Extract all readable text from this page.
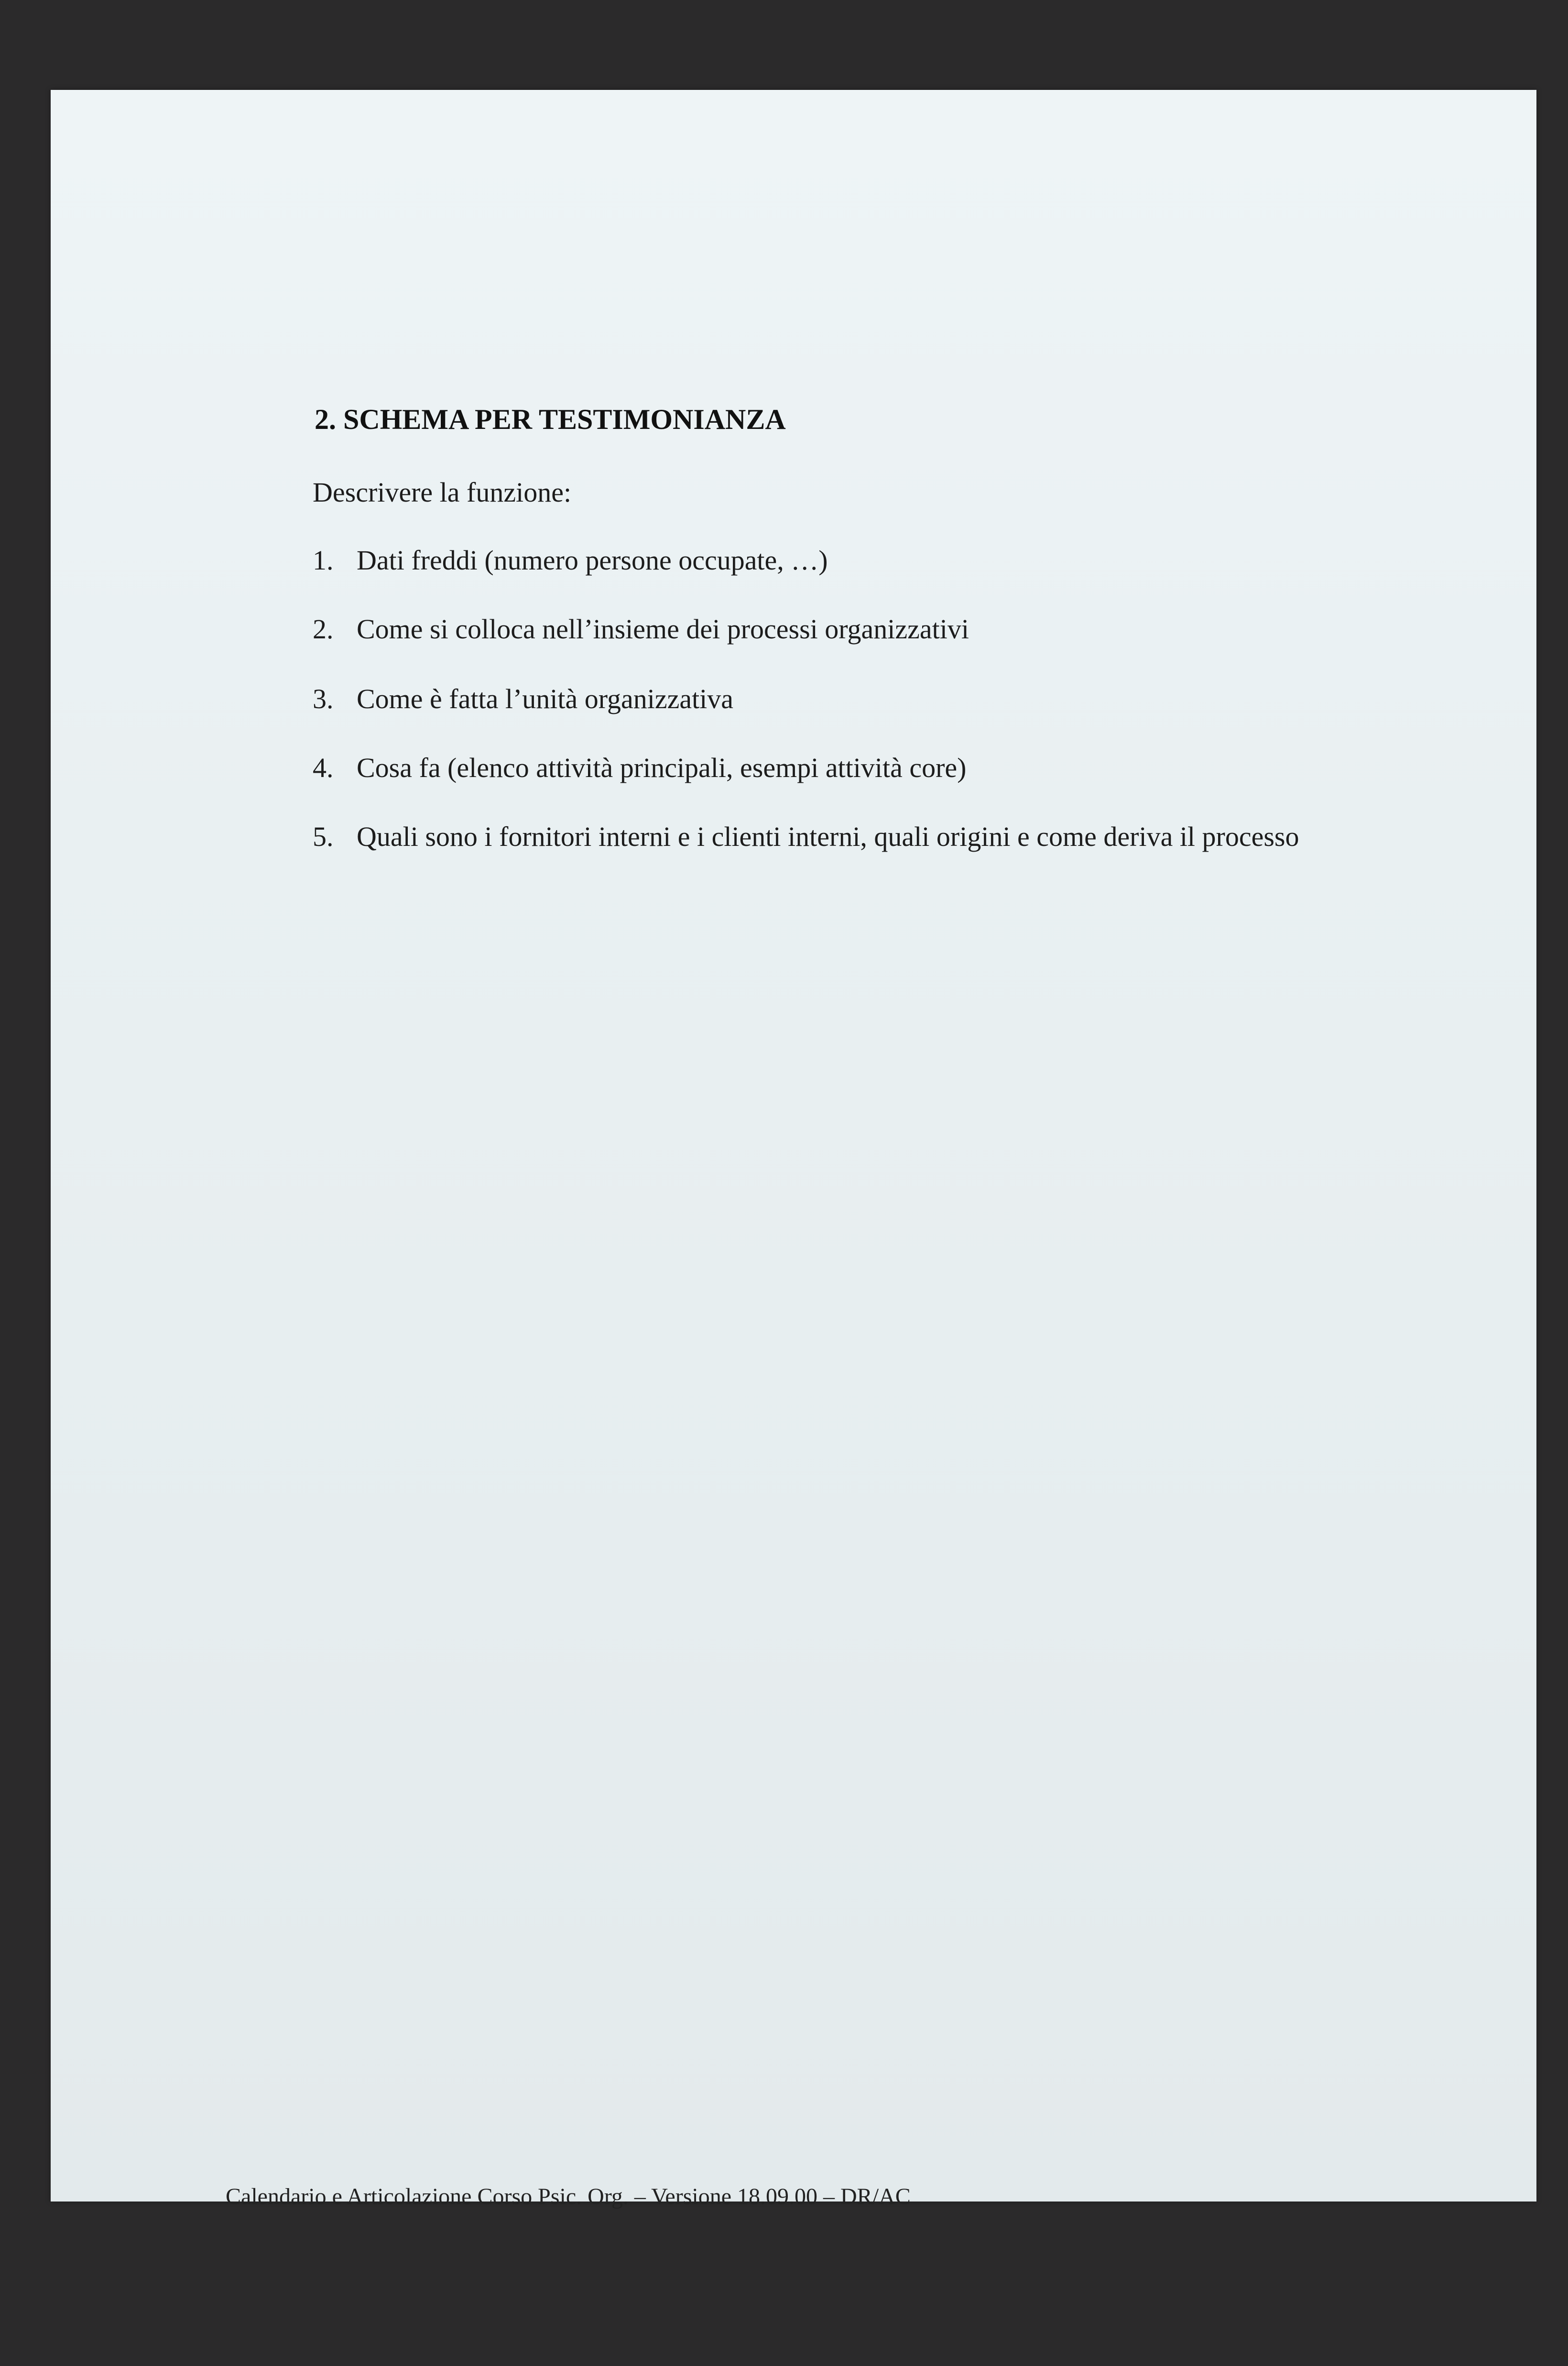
2. SCHEMA PER TESTIMONIANZA
Descrivere la funzione:
1. Dati freddi (numero persone occupate, …)
2. Come si colloca nell’insieme dei processi organizzativi
3. Come è fatta l’unità organizzativa
4. Cosa fa (elenco attività principali, esempi attività core)
5. Quali sono i fornitori interni e i clienti interni, quali origini e come deriva il processo
Calendario e Articolazione Corso Psic. Org. – Versione 18.09.00 – DR/AC
